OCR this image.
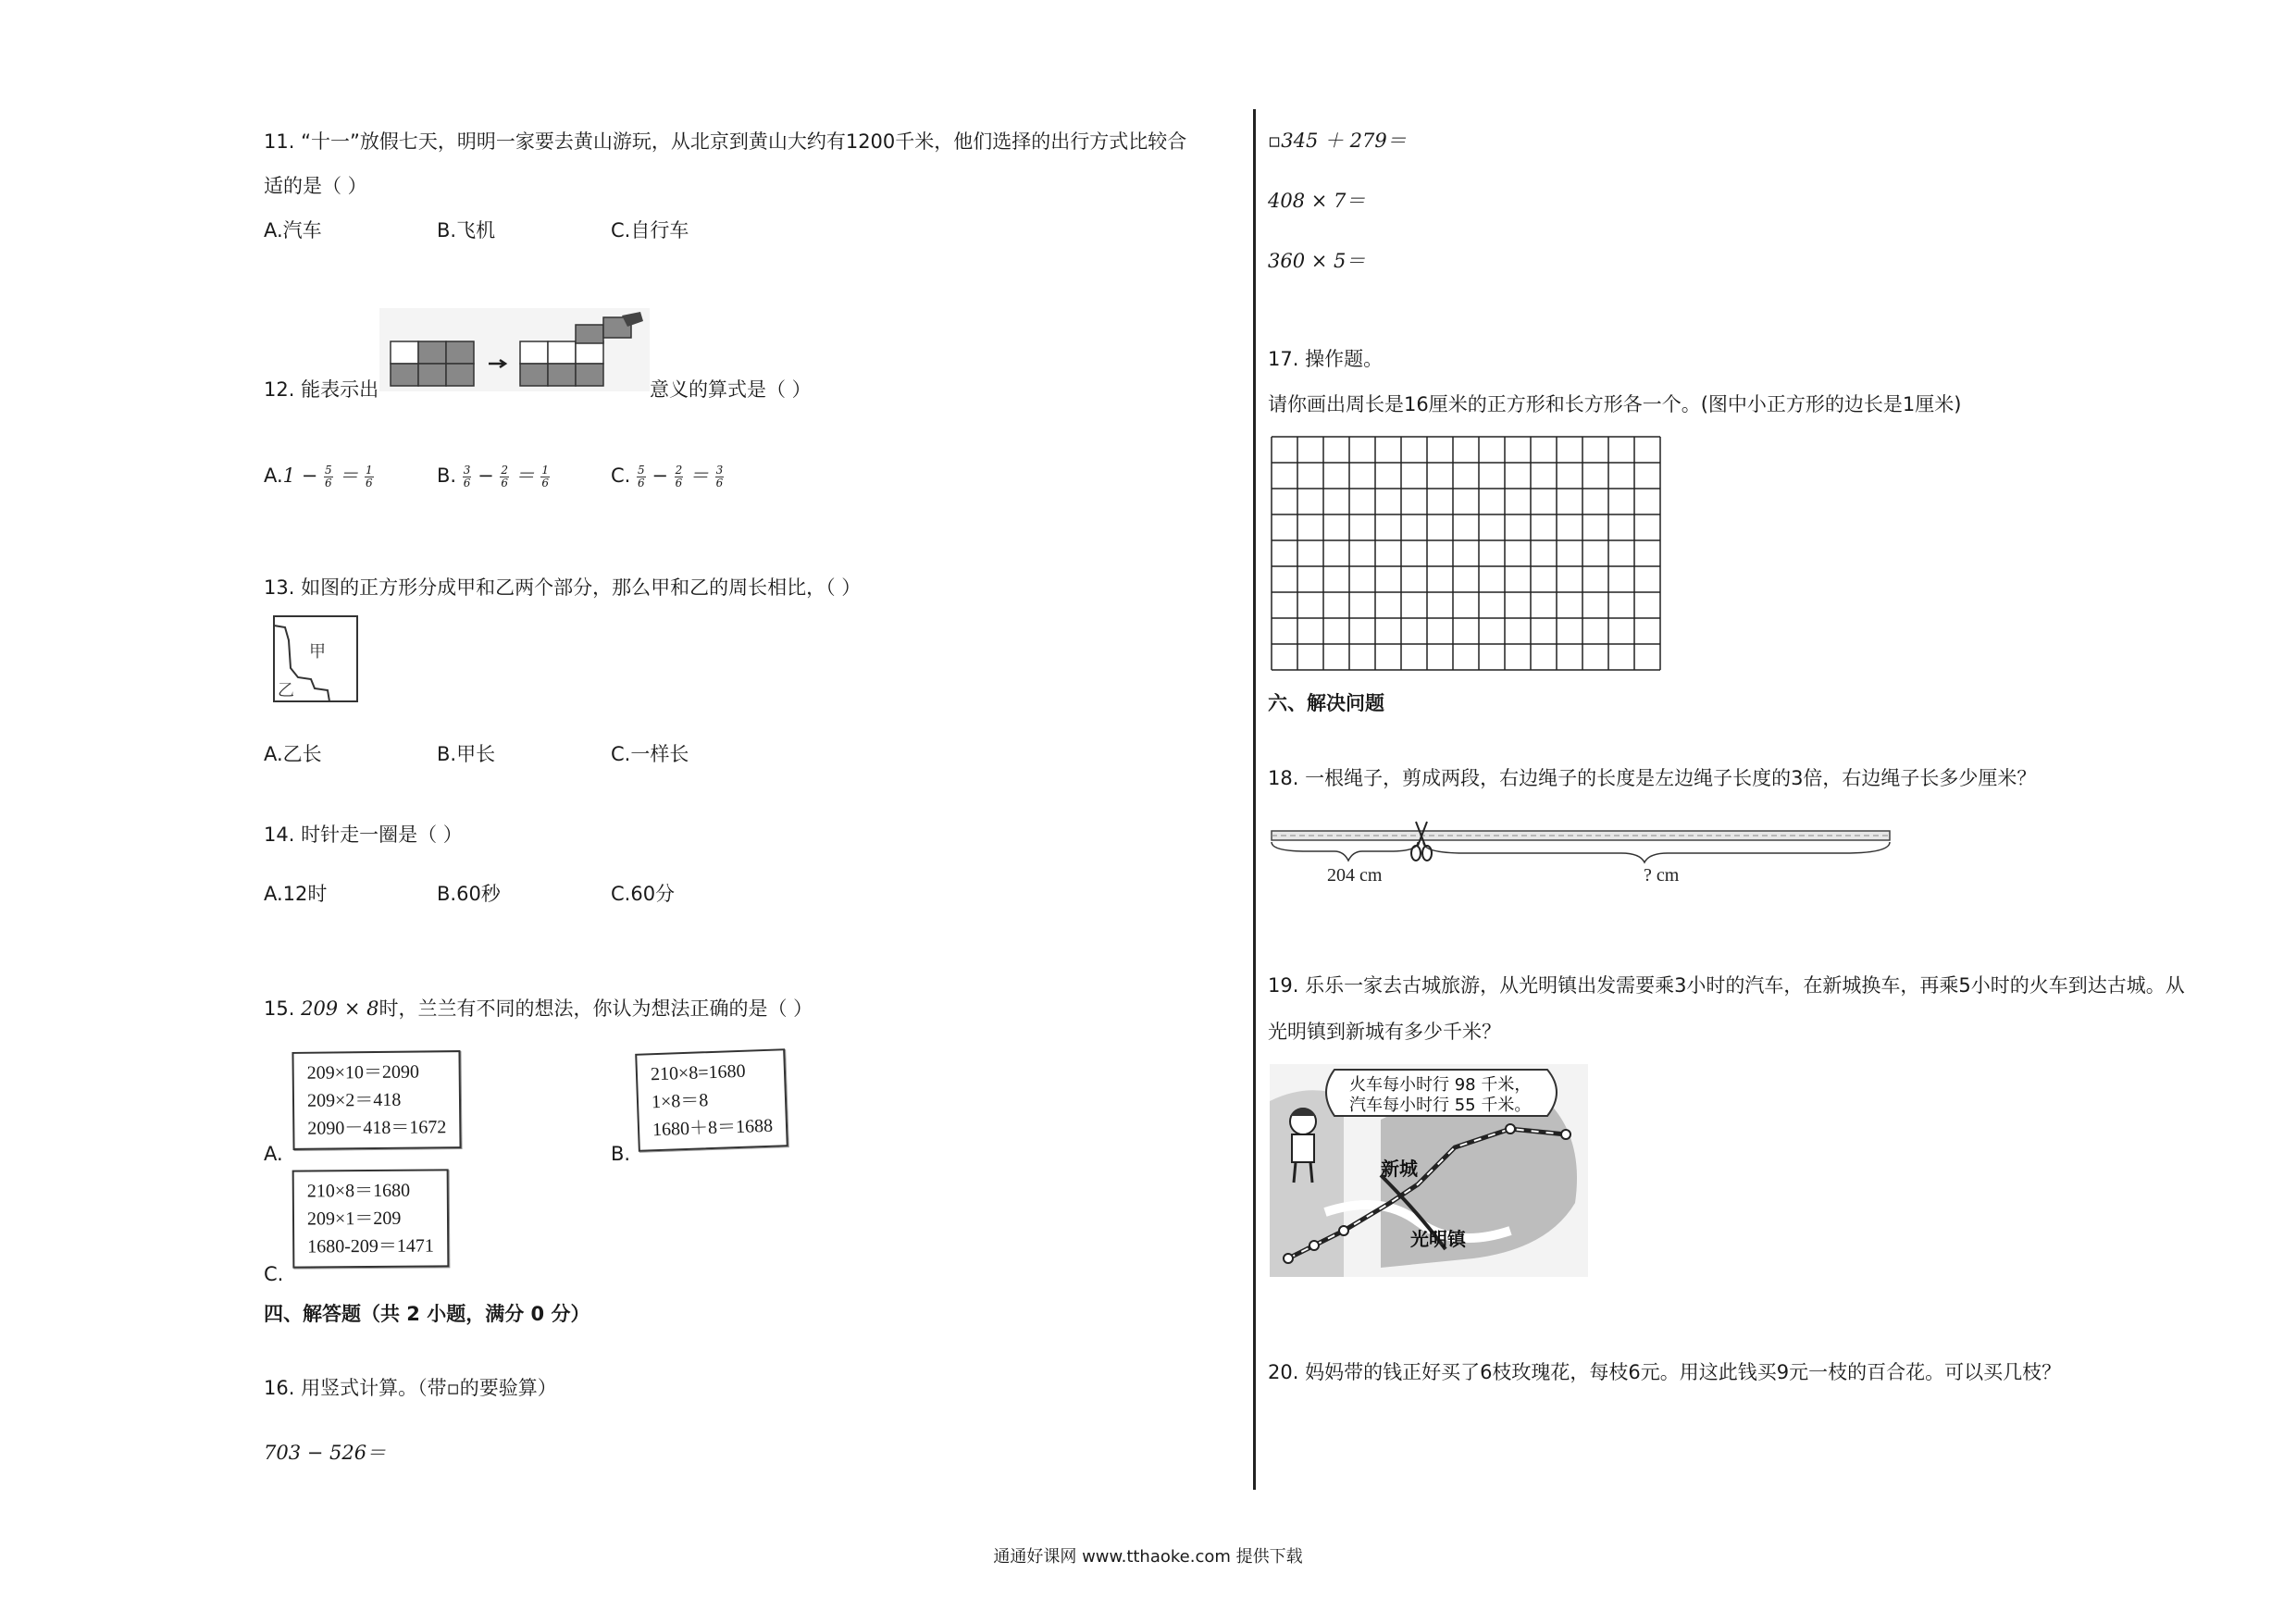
11. “十一”放假七天，明明一家要去黄山游玩，从北京到黄山大约有1200千米，他们选择的出行方式比较合
适的是（ ）
A.汽车	B.飞机	C.自行车
12. 能表示出	意义的算式是（ ）
$A.1 - \frac{5}{6} = \frac{1}{6}$	B. $\frac{3}{6} - \frac{2}{6} = \frac{1}{6}$	C. $\frac{5}{6} - \frac{2}{6} = \frac{3}{6}$
13. 如图的正方形分成甲和乙两个部分，那么甲和乙的周长相比，（ ）
甲
乙
A.乙长	B.甲长	C.一样长
14. 时针走一圈是（ ）
A.12时	B.60秒	C.60分
15. 209 × 8时，兰兰有不同的想法，你认为想法正确的是（ ）
209×10＝2090
209×2＝418
2090－418＝1672
A.
210×8=1680
1×8＝8
1680＋8＝1688
B.
210×8＝1680
209×1＝209
1680-209＝1471
C.
四、解答题（共 2 小题，满分 0 分）
16. 用竖式计算。（带▫的要验算）
703 − 526＝
▫345 ＋ 279＝
408 × 7＝
360 × 5＝
17. 操作题。
请你画出周长是16厘米的正方形和长方形各一个。(图中小正方形的边长是1厘米)
六、解决问题
18. 一根绳子，剪成两段，右边绳子的长度是左边绳子长度的3倍，右边绳子长多少厘米？
204 cm	? cm
19. 乐乐一家去古城旅游，从光明镇出发需要乘3小时的汽车，在新城换车，再乘5小时的火车到达古城。从
光明镇到新城有多少千米？
火车每小时行 98 千米，
汽车每小时行 55 千米。
新城
光明镇
20. 妈妈带的钱正好买了6枝玫瑰花，每枝6元。用这此钱买9元一枝的百合花。可以买几枝？
通通好课网 www.tthaoke.com 提供下载
